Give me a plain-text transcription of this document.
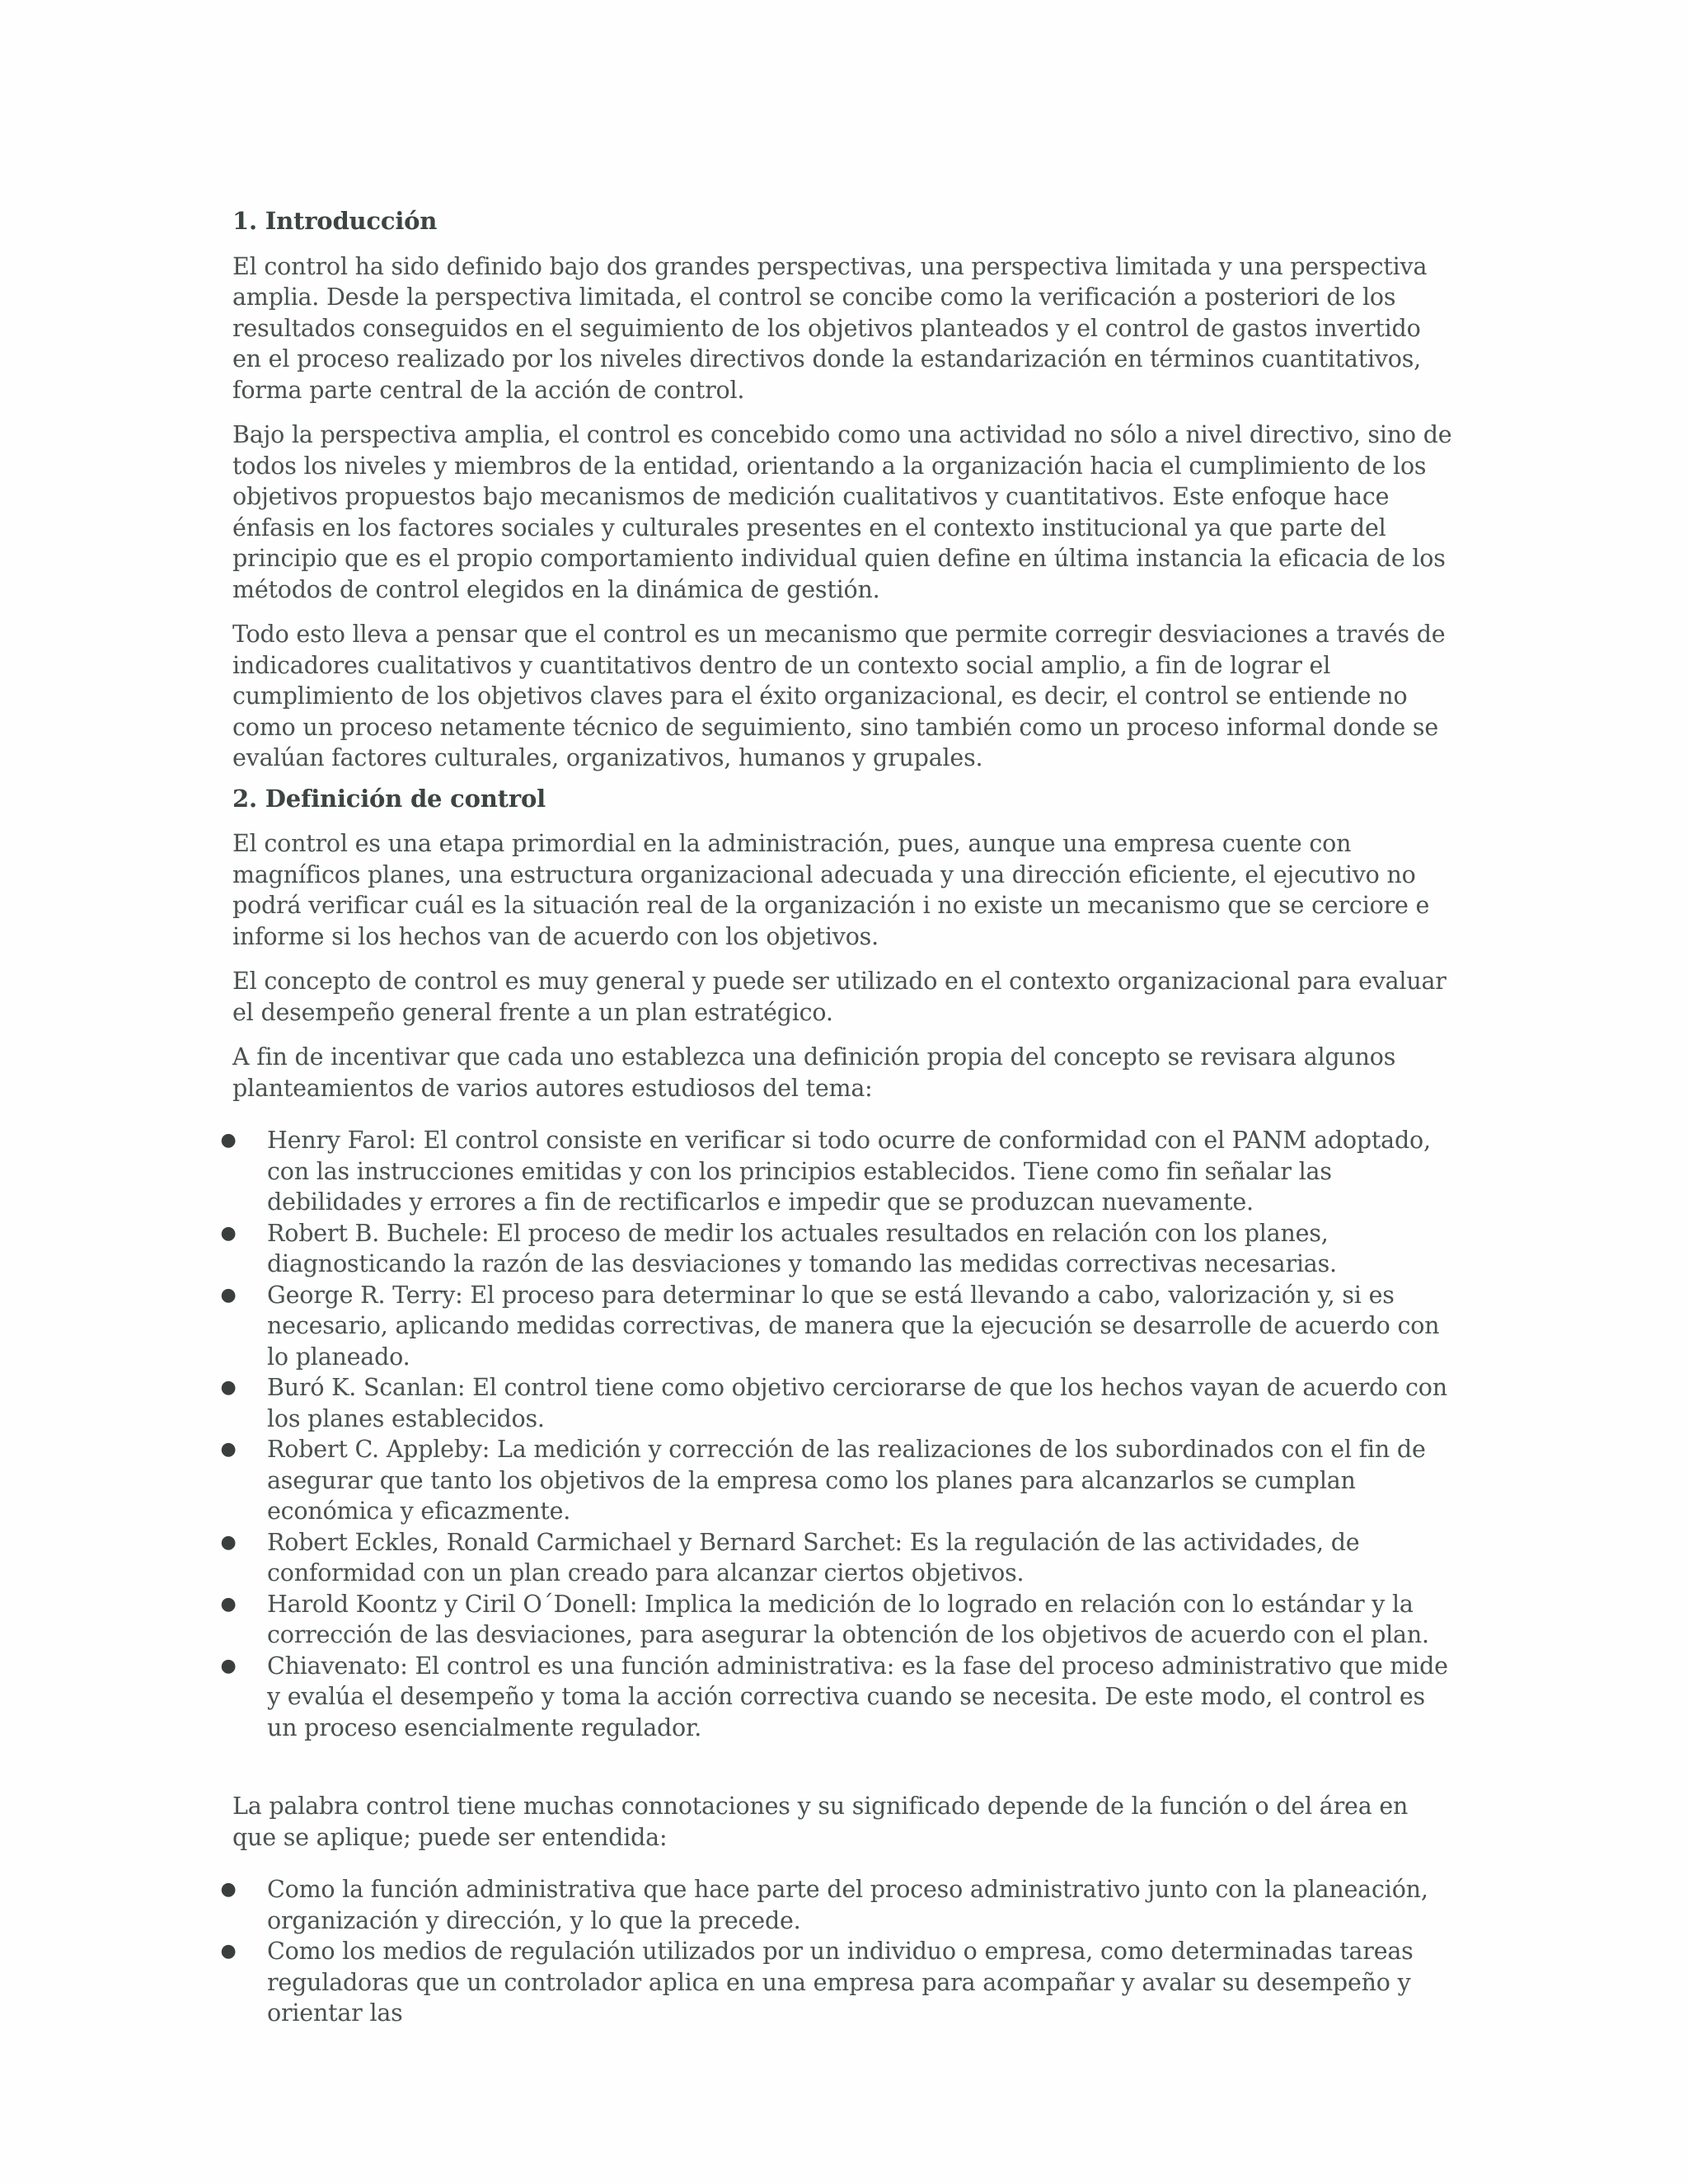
1. Introducción

El control ha sido definido bajo dos grandes perspectivas, una perspectiva limitada y una perspectiva amplia. Desde la perspectiva limitada, el control se concibe como la verificación a posteriori de los resultados conseguidos en el seguimiento de los objetivos planteados y el control de gastos invertido en el proceso realizado por los niveles directivos donde la estandarización en términos cuantitativos, forma parte central de la acción de control.

Bajo la perspectiva amplia, el control es concebido como una actividad no sólo a nivel directivo, sino de todos los niveles y miembros de la entidad, orientando a la organización hacia el cumplimiento de los objetivos propuestos bajo mecanismos de medición cualitativos y cuantitativos. Este enfoque hace énfasis en los factores sociales y culturales presentes en el contexto institucional ya que parte del principio que es el propio comportamiento individual quien define en última instancia la eficacia de los métodos de control elegidos en la dinámica de gestión.

Todo esto lleva a pensar que el control es un mecanismo que permite corregir desviaciones a través de indicadores cualitativos y cuantitativos dentro de un contexto social amplio, a fin de lograr el cumplimiento de los objetivos claves para el éxito organizacional, es decir, el control se entiende no como un proceso netamente técnico de seguimiento, sino también como un proceso informal donde se evalúan factores culturales, organizativos, humanos y grupales.

2. Definición de control

El control es una etapa primordial en la administración, pues, aunque una empresa cuente con magníficos planes, una estructura organizacional adecuada y una dirección eficiente, el ejecutivo no podrá verificar cuál es la situación real de la organización i no existe un mecanismo que se cerciore e informe si los hechos van de acuerdo con los objetivos.

El concepto de control es muy general y puede ser utilizado en el contexto organizacional para evaluar el desempeño general frente a un plan estratégico.

A fin de incentivar que cada uno establezca una definición propia del concepto se revisara algunos planteamientos de varios autores estudiosos del tema:

● Henry Farol: El control consiste en verificar si todo ocurre de conformidad con el PANM adoptado, con las instrucciones emitidas y con los principios establecidos. Tiene como fin señalar las debilidades y errores a fin de rectificarlos e impedir que se produzcan nuevamente.
● Robert B. Buchele: El proceso de medir los actuales resultados en relación con los planes, diagnosticando la razón de las desviaciones y tomando las medidas correctivas necesarias.
● George R. Terry: El proceso para determinar lo que se está llevando a cabo, valorización y, si es necesario, aplicando medidas correctivas, de manera que la ejecución se desarrolle de acuerdo con lo planeado.
● Buró K. Scanlan: El control tiene como objetivo cerciorarse de que los hechos vayan de acuerdo con los planes establecidos.
● Robert C. Appleby: La medición y corrección de las realizaciones de los subordinados con el fin de asegurar que tanto los objetivos de la empresa como los planes para alcanzarlos se cumplan económica y eficazmente.
● Robert Eckles, Ronald Carmichael y Bernard Sarchet: Es la regulación de las actividades, de conformidad con un plan creado para alcanzar ciertos objetivos.
● Harold Koontz y Ciril O´Donell: Implica la medición de lo logrado en relación con lo estándar y la corrección de las desviaciones, para asegurar la obtención de los objetivos de acuerdo con el plan.
● Chiavenato: El control es una función administrativa: es la fase del proceso administrativo que mide y evalúa el desempeño y toma la acción correctiva cuando se necesita. De este modo, el control es un proceso esencialmente regulador.

La palabra control tiene muchas connotaciones y su significado depende de la función o del área en que se aplique; puede ser entendida:

● Como la función administrativa que hace parte del proceso administrativo junto con la planeación, organización y dirección, y lo que la precede.
● Como los medios de regulación utilizados por un individuo o empresa, como determinadas tareas reguladoras que un controlador aplica en una empresa para acompañar y avalar su desempeño y orientar las
